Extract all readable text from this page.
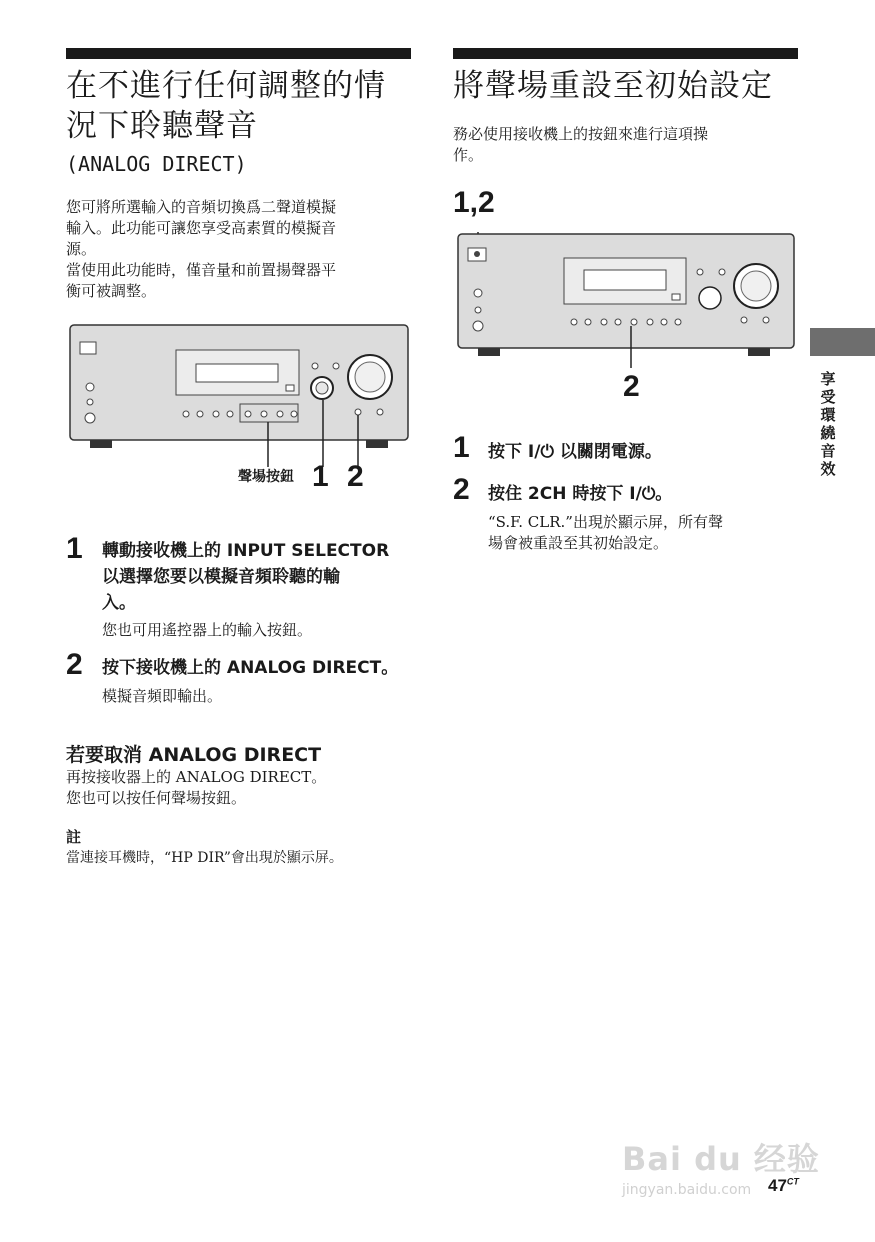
在不進行任何調整的情
況下聆聽聲音
(ANALOG DIRECT)
您可將所選輸入的音頻切換爲二聲道模擬
輸入。此功能可讓您享受高素質的模擬音
源。
當使用此功能時，僅音量和前置揚聲器平
衡可被調整。
聲場按鈕 1 2
1 轉動接收機上的 INPUT SELECTOR
以選擇您要以模擬音頻聆聽的輸
入。
您也可用遙控器上的輸入按鈕。
2 按下接收機上的 ANALOG DIRECT。
模擬音頻即輸出。
若要取消 ANALOG DIRECT
再按接收器上的 ANALOG DIRECT。
您也可以按任何聲場按鈕。
註
當連接耳機時，“HP DIR”會出現於顯示屏。
將聲場重設至初始設定
務必使用接收機上的按鈕來進行這項操
作。
1,2
2
1 按下 I/⏻ 以關閉電源。
2 按住 2CH 時按下 I/⏻。
“S.F. CLR.”出現於顯示屏，所有聲
場會被重設至其初始設定。
享受環繞音效
Bai du 经验
jingyan.baidu.com $47^{CT}$
